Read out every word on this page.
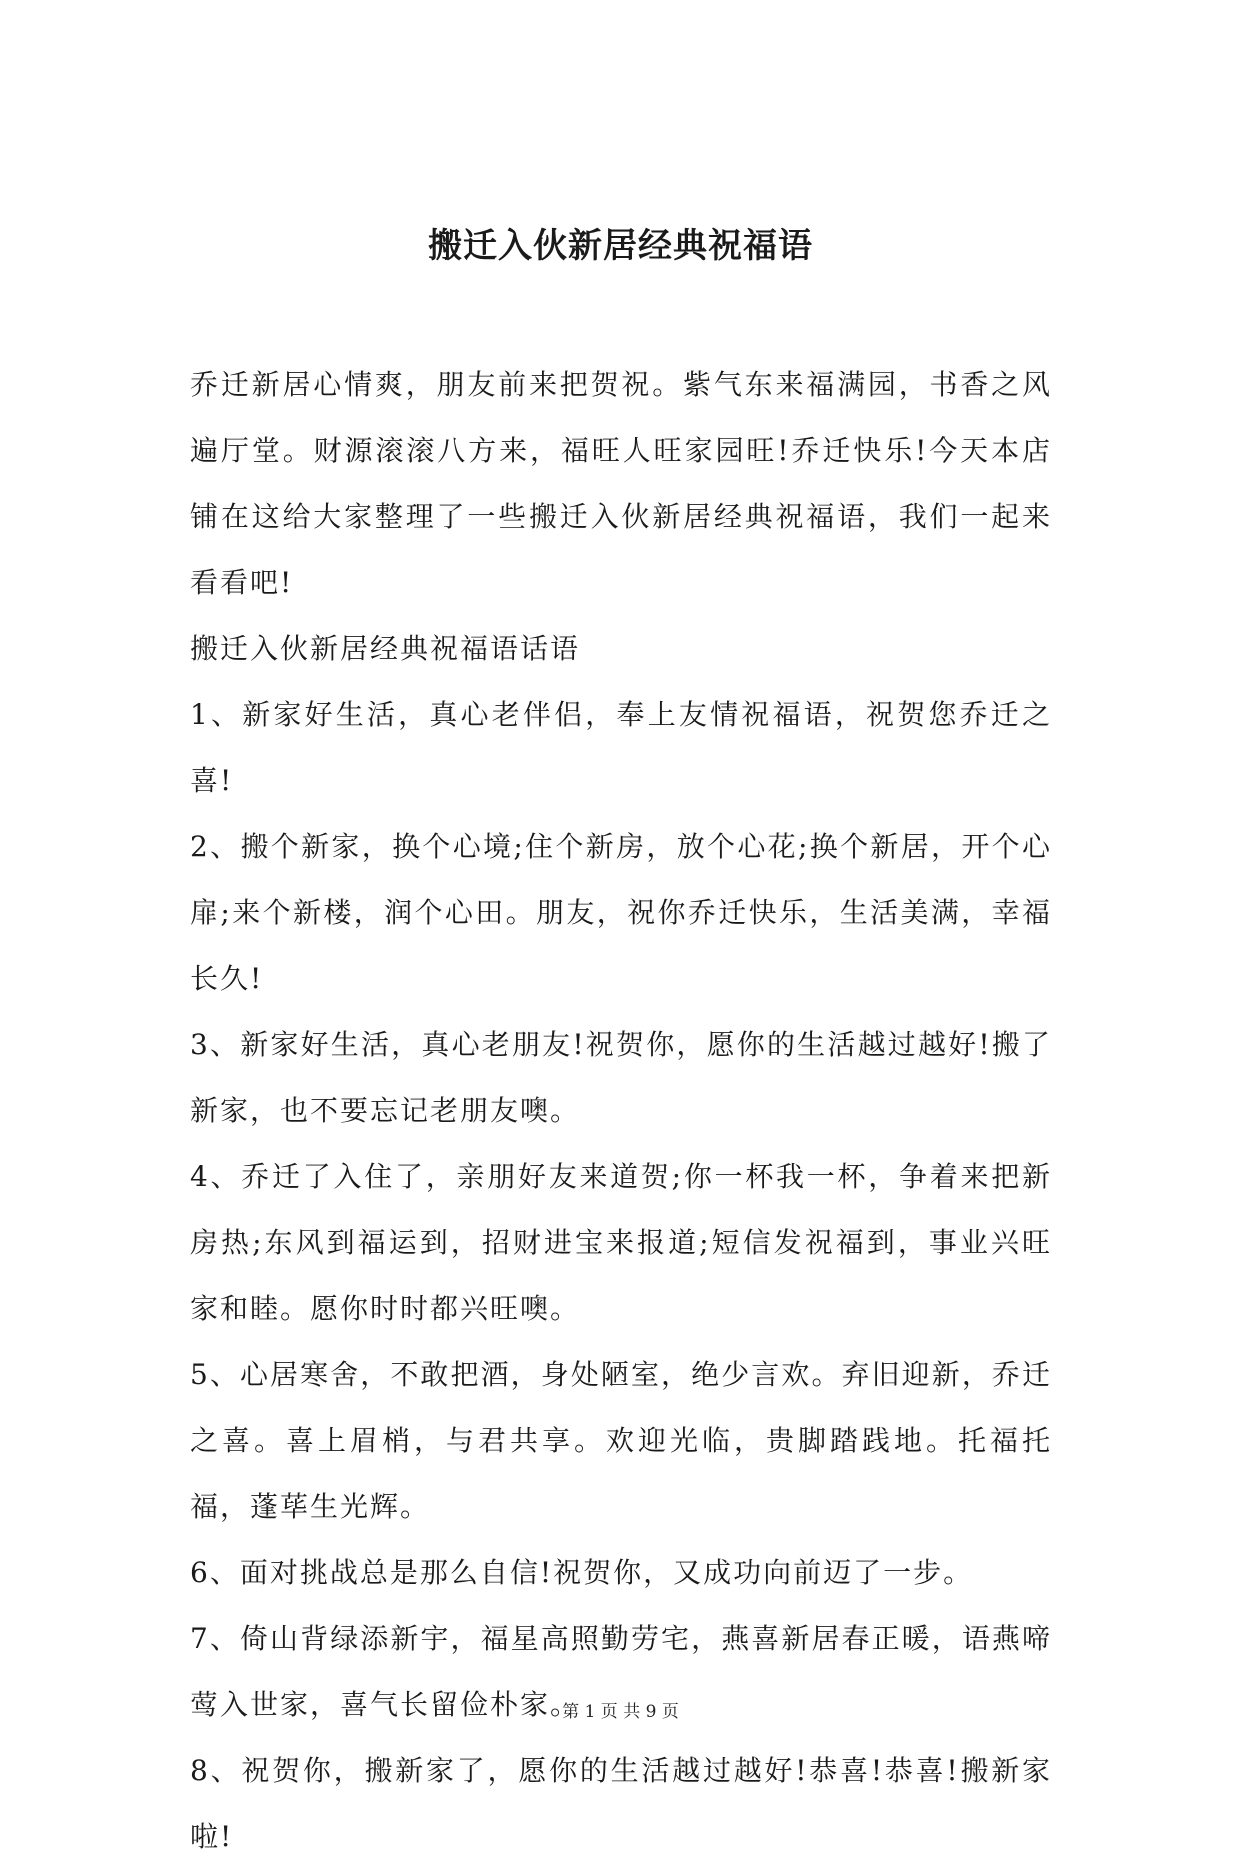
搬迁入伙新居经典祝福语

乔迁新居心情爽，朋友前来把贺祝。紫气东来福满园，书香之风遍厅堂。财源滚滚八方来，福旺人旺家园旺!乔迁快乐!今天本店铺在这给大家整理了一些搬迁入伙新居经典祝福语，我们一起来看看吧!

搬迁入伙新居经典祝福语话语

1、新家好生活，真心老伴侣，奉上友情祝福语，祝贺您乔迁之喜!

2、搬个新家，换个心境;住个新房，放个心花;换个新居，开个心扉;来个新楼，润个心田。朋友，祝你乔迁快乐，生活美满，幸福长久!

3、新家好生活，真心老朋友!祝贺你，愿你的生活越过越好!搬了新家，也不要忘记老朋友噢。

4、乔迁了入住了，亲朋好友来道贺;你一杯我一杯，争着来把新房热;东风到福运到，招财进宝来报道;短信发祝福到，事业兴旺家和睦。愿你时时都兴旺噢。

5、心居寒舍，不敢把酒，身处陋室，绝少言欢。弃旧迎新，乔迁之喜。喜上眉梢，与君共享。欢迎光临，贵脚踏践地。托福托福，蓬荜生光辉。

6、面对挑战总是那么自信!祝贺你，又成功向前迈了一步。

7、倚山背绿添新宇，福星高照勤劳宅，燕喜新居春正暖，语燕啼莺入世家，喜气长留俭朴家。

8、祝贺你，搬新家了，愿你的生活越过越好!恭喜!恭喜!搬新家啦!

第 1 页 共 9 页
